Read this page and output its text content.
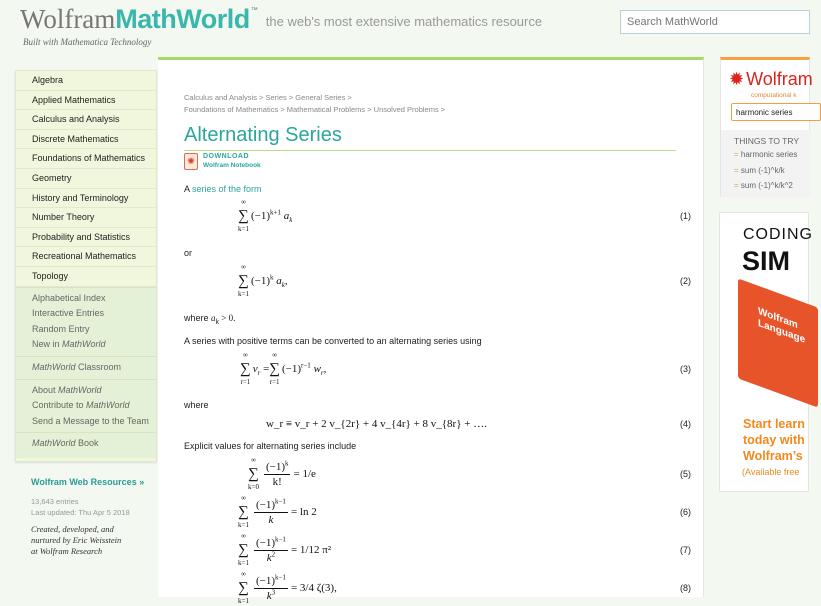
Wolfram MathWorld ™
the web's most extensive mathematics resource
Built with Mathematica Technology
Search MathWorld
Algebra
Applied Mathematics
Calculus and Analysis
Discrete Mathematics
Foundations of Mathematics
Geometry
History and Terminology
Number Theory
Probability and Statistics
Recreational Mathematics
Topology
Alphabetical Index
Interactive Entries
Random Entry
New in MathWorld
MathWorld Classroom
About MathWorld
Contribute to MathWorld
Send a Message to the Team
MathWorld Book
Wolfram Web Resources »
13,643 entries
Last updated: Thu Apr 5 2018
Created, developed, and
nurtured by Eric Weisstein
at Wolfram Research
Calculus and Analysis > Series > General Series >
Foundations of Mathematics > Mathematical Problems > Unsolved Problems >
Alternating Series
✺	DOWNLOAD
Wolfram Notebook
A series of the form
∞
∑
k=1
$(-1)^{k+1}$ $a_k$	(1)
or
∞
∑
k=1
$(-1)^k$ $a_k$,	(2)
where $a_k > 0$.
A series with positive terms can be converted to an alternating series using
∞
∑
r=1
$v_r$ =
∞
∑
r=1
$(-1)^{r-1}$ $w_r$,	(3)
where
w_r ≡ v_r + 2 v_{2r} + 4 v_{4r} + 8 v_{8r} + ….	(4)
Explicit values for alternating series include
∞
∑
$k=0 \frac{(-1)^k}{k!} = 1/e$	(5)
∞
∑
$k=1 \frac{(-1)^{k-1}}{k} = \ln 2$	(6)
∞
∑
$k=1 \frac{(-1)^{k-1}}{k^2} = 1/12$ π²	(7)
∞
∑
$k=1 \frac{(-1)^{k-1}}{k^3} = 3/4$ ζ(3),	(8)
✹ Wolfram
computational k
harmonic series
THINGS TO TRY
= harmonic series
= sum (-1)^k/k
= sum (-1)^k/k^2
CODING
SIM
Wolfram Language
Start learn
today with
Wolfram’s
(Available free
